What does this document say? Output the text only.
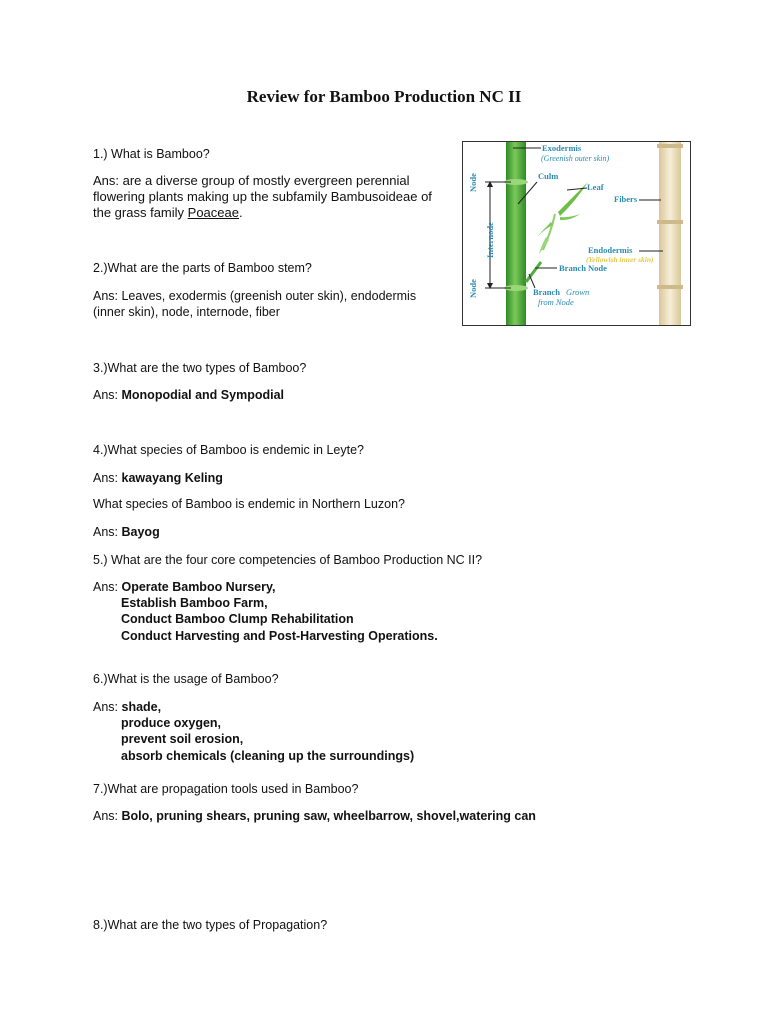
Review for Bamboo Production NC II
1.) What is Bamboo?
Ans: are a diverse group of mostly evergreen perennial flowering plants making up the subfamily Bambusoideae of the grass family Poaceae.
Exodermis
(Greenish outer skin)
Culm
Leaf
Fibers
Endodermis
(Yellowish inner skin)
Branch Node
Branch Grown
from Node
Node
Internode
Node
2.)What are the parts of Bamboo stem?
Ans: Leaves, exodermis (greenish outer skin), endodermis
(inner skin), node, internode, fiber
3.)What are the two types of Bamboo?
Ans: Monopodial and Sympodial
4.)What species of Bamboo is endemic in Leyte?
Ans: kawayang Keling
What species of Bamboo is endemic in Northern Luzon?
Ans: Bayog
5.) What are the four core competencies of Bamboo Production NC II?
Ans: Operate Bamboo Nursery,
Establish Bamboo Farm,
Conduct Bamboo Clump Rehabilitation
Conduct Harvesting and Post-Harvesting Operations.
6.)What is the usage of Bamboo?
Ans: shade,
produce oxygen,
prevent soil erosion,
absorb chemicals (cleaning up the surroundings)
7.)What are propagation tools used in Bamboo?
Ans: Bolo, pruning shears, pruning saw, wheelbarrow, shovel,watering can
8.)What are the two types of Propagation?
